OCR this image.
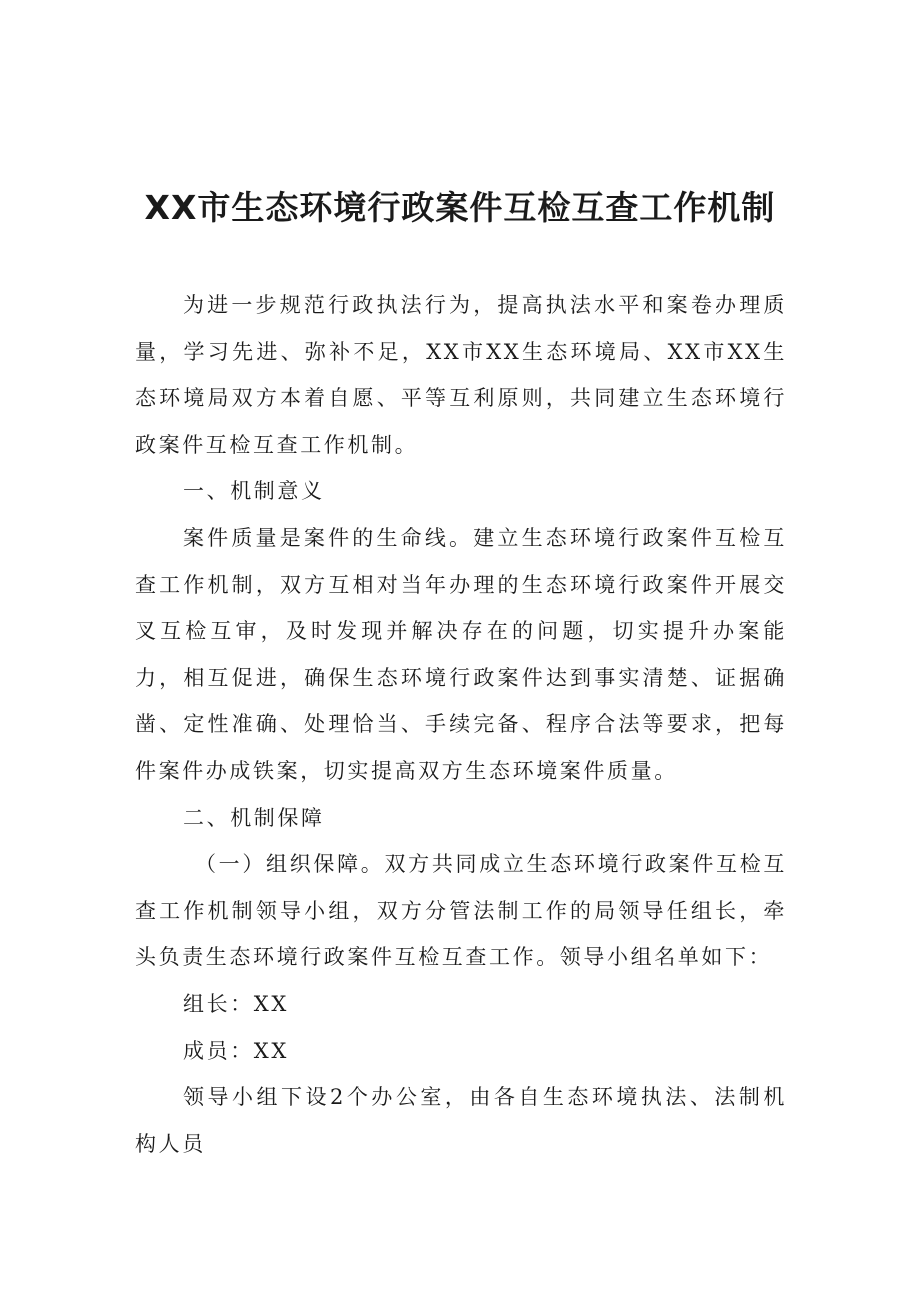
XX市生态环境行政案件互检互查工作机制

为进一步规范行政执法行为，提高执法水平和案卷办理质量，学习先进、弥补不足，XX市XX生态环境局、XX市XX生态环境局双方本着自愿、平等互利原则，共同建立生态环境行政案件互检互查工作机制。

一、机制意义

案件质量是案件的生命线。建立生态环境行政案件互检互查工作机制，双方互相对当年办理的生态环境行政案件开展交叉互检互审，及时发现并解决存在的问题，切实提升办案能力，相互促进，确保生态环境行政案件达到事实清楚、证据确凿、定性准确、处理恰当、手续完备、程序合法等要求，把每件案件办成铁案，切实提高双方生态环境案件质量。

二、机制保障

（一）组织保障。双方共同成立生态环境行政案件互检互查工作机制领导小组，双方分管法制工作的局领导任组长，牵头负责生态环境行政案件互检互查工作。领导小组名单如下：

组长：XX

成员：XX

领导小组下设2个办公室，由各自生态环境执法、法制机构人员
